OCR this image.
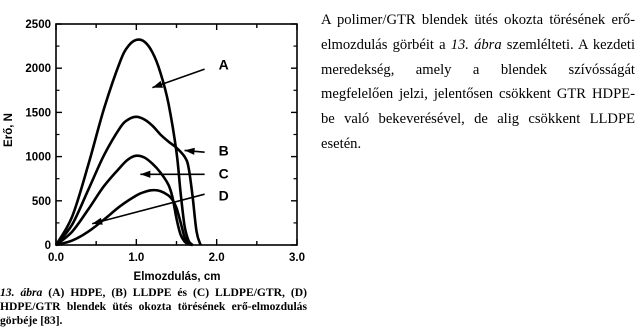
0
500
1000
1500
2000
2500
0.0	1.0	2.0	3.0
A
B
C
D
Erő, N
Elmozdulás, cm
13. ábra (A) HDPE, (B) LLDPE és (C) LLDPE/GTR, (D) HDPE/GTR blendek ütés okozta törésének erő-elmozdulás görbéje [83].
A polimer/GTR blendek ütés okozta törésének erő-elmozdulás görbéit a 13. ábra szemlélteti. A kezdeti meredekség, amely a blendek szívósságát megfelelően jelzi, jelentősen csökkent GTR HDPE-be való bekeverésével, de alig csökkent LLDPE esetén.
